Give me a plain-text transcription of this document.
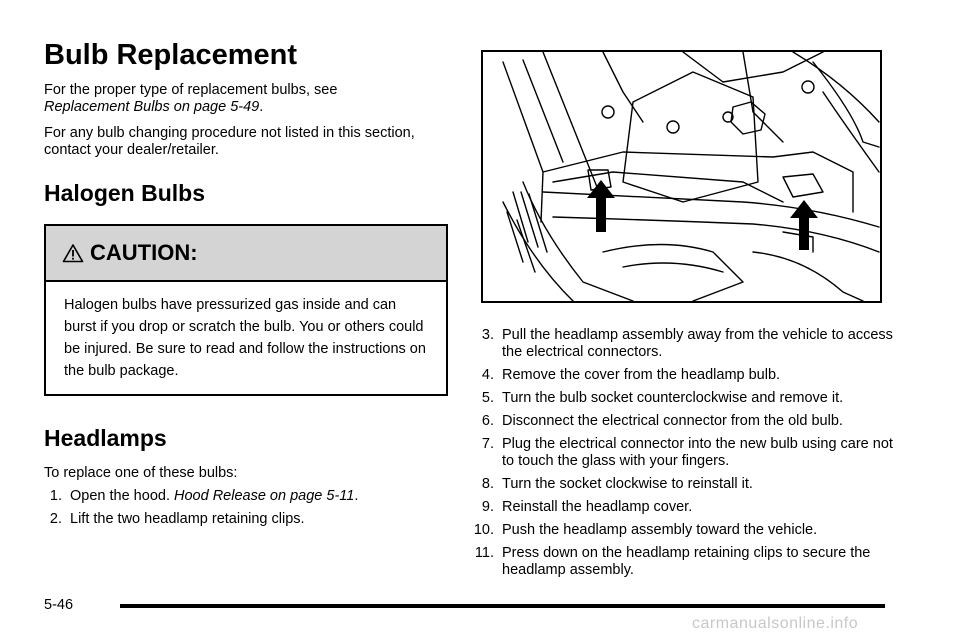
Bulb Replacement

For the proper type of replacement bulbs, see
Replacement Bulbs on page 5-49.

For any bulb changing procedure not listed in this section, contact your dealer/retailer.

Halogen Bulbs
CAUTION:
Halogen bulbs have pressurized gas inside and can burst if you drop or scratch the bulb. You or others could be injured. Be sure to read and follow the instructions on the bulb package.
Headlamps

To replace one of these bulbs:

1. Open the hood. Hood Release on page 5-11.
2. Lift the two headlamp retaining clips.
3. Pull the headlamp assembly away from the vehicle to access the electrical connectors.
4. Remove the cover from the headlamp bulb.
5. Turn the bulb socket counterclockwise and remove it.
6. Disconnect the electrical connector from the old bulb.
7. Plug the electrical connector into the new bulb using care not to touch the glass with your fingers.
8. Turn the socket clockwise to reinstall it.
9. Reinstall the headlamp cover.
10. Push the headlamp assembly toward the vehicle.
11. Press down on the headlamp retaining clips to secure the headlamp assembly.
5-46
carmanualsonline.info
